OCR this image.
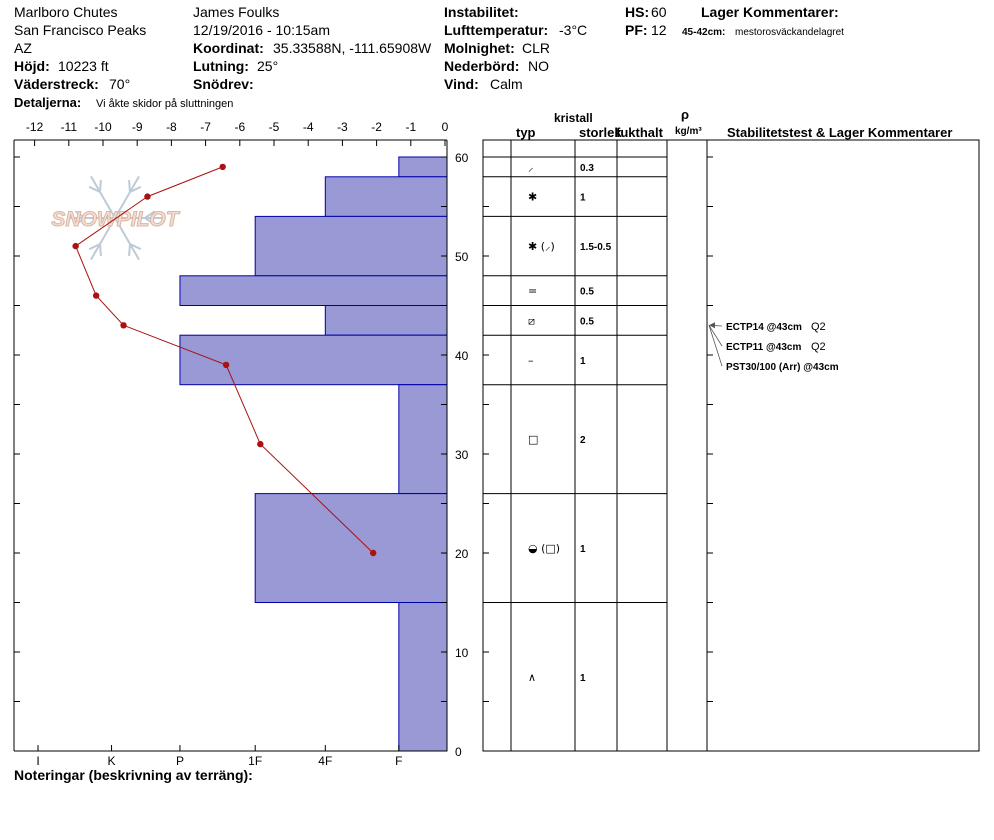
Marlboro Chutes
San Francisco Peaks
AZ
Höjd: 10223 ft
Väderstreck: 70°
Detaljerna: Vi åkte skidor på sluttningen
James Foulks
12/19/2016 - 10:15am
Koordinat: 35.33588N, -111.65908W
Lutning: 25°
Snödrev:
Instabilitet:
Lufttemperatur: -3°C
Molnighet: CLR
Nederbörd: NO
Vind: Calm
HS: 60
PF: 12
Lager Kommentarer:
45-42cm: mestorosväckandelagret
kristall
typ	storlek
fukthalt
ρ
kg/m³ Stabilitetstest & Lager Kommentarer
SNOWPILOT
-12 -11 -10 -9 -8 -7 -6 -5 -4 -3 -2 -1 0
0
10
20
30
40
50
60
I	K	P	1F	4F	F
⸝	0.3
✱	1
✱ (⸝)	1.5-0.5
=	0.5
⧄	0.5
–	1
□	2
◒ (□) 1
∧	1
ECTP14 @43cm Q2
ECTP11 @43cm Q2
PST30/100 (Arr) @43cm
Noteringar (beskrivning av terräng):
